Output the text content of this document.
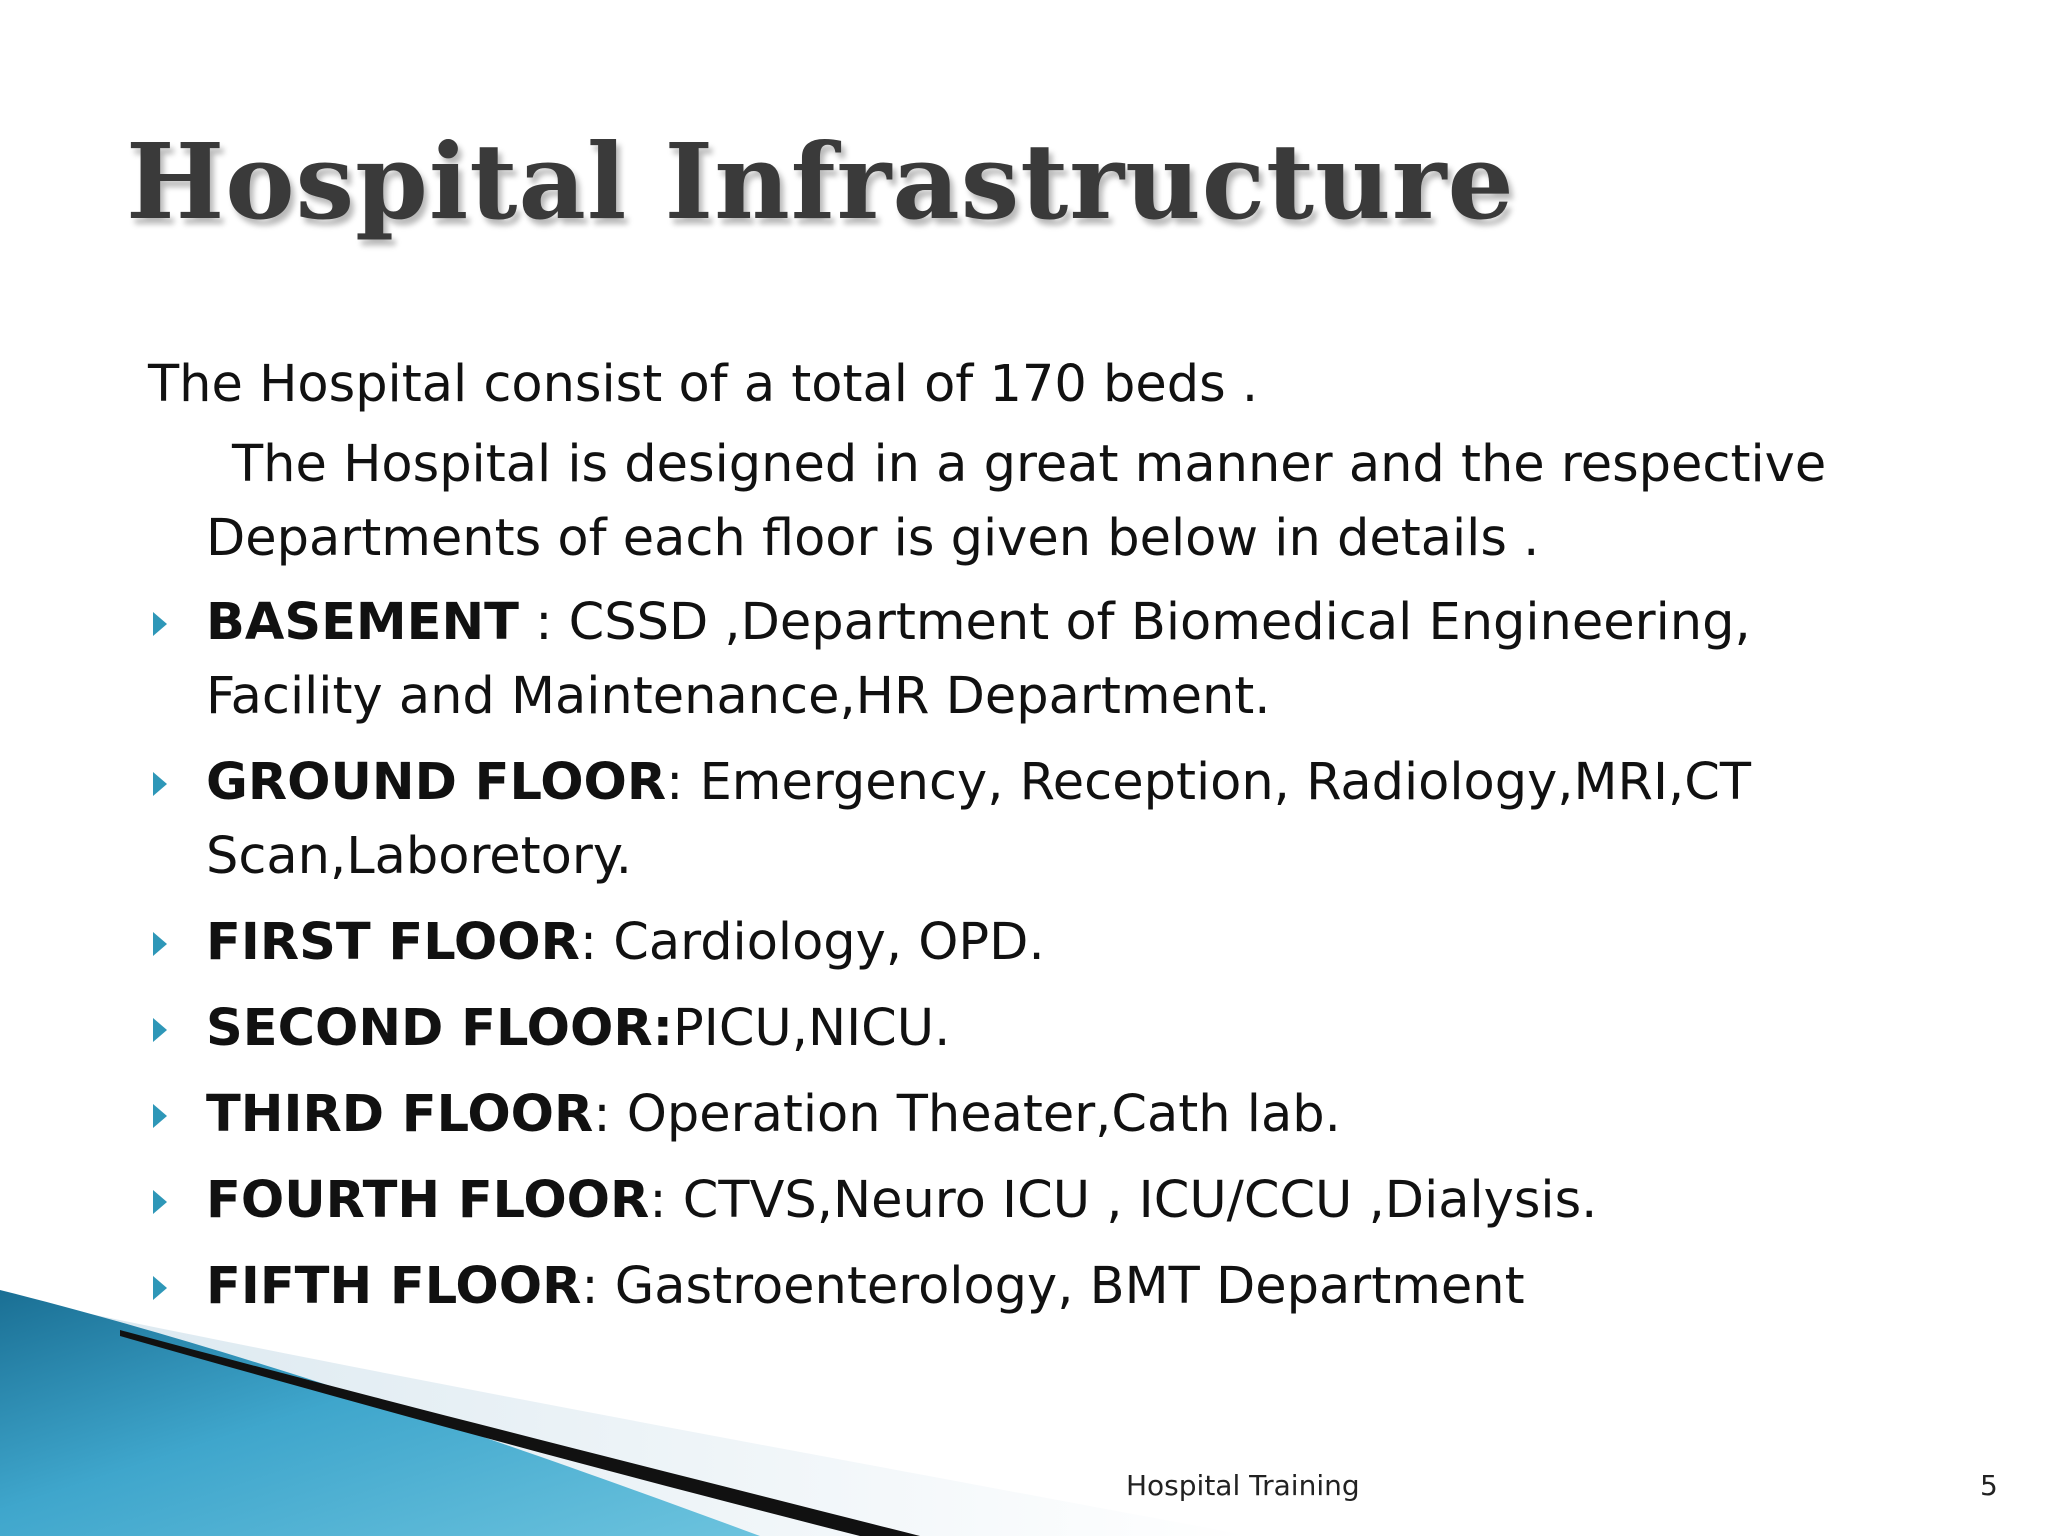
Hospital Infrastructure

The Hospital consist of a total of 170 beds .

The Hospital is designed in a great manner and the respective Departments of each floor is given below in details .

BASEMENT : CSSD ,Department of Biomedical Engineering, Facility and Maintenance,HR Department.
GROUND FLOOR: Emergency, Reception, Radiology,MRI,CT Scan,Laboretory.
FIRST FLOOR: Cardiology, OPD.
SECOND FLOOR:PICU,NICU.
THIRD FLOOR: Operation Theater,Cath lab.
FOURTH FLOOR: CTVS,Neuro ICU , ICU/CCU ,Dialysis.
FIFTH FLOOR: Gastroenterology, BMT Department
Hospital Training	5
